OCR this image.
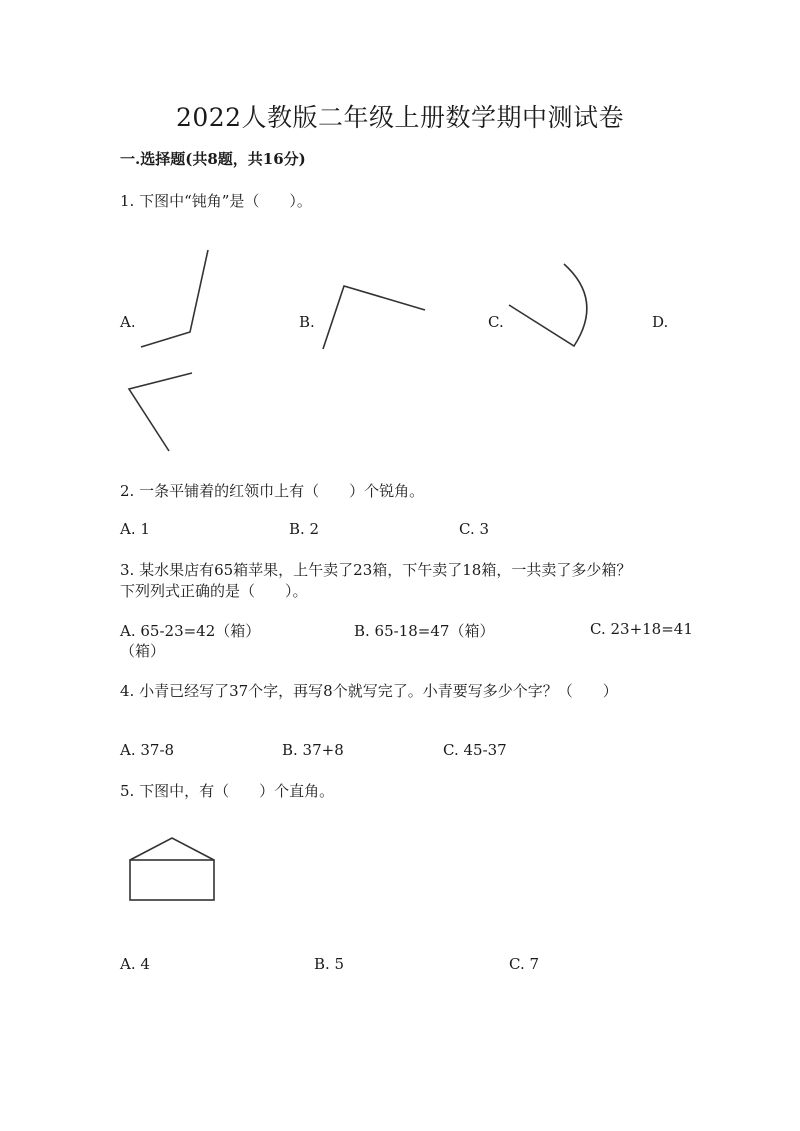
2022人教版二年级上册数学期中测试卷
一.选择题(共8题，共16分)
1. 下图中“钝角”是（　　）。
A.	B.	C.	D.
2. 一条平铺着的红领巾上有（　　）个锐角。
A. 1	B. 2	C. 3
3. 某水果店有65箱苹果，上午卖了23箱，下午卖了18箱，一共卖了多少箱？
下列列式正确的是（　　）。
A. 65-23=42（箱）	B. 65-18=47（箱）	C. 23+18=41
（箱）
4. 小青已经写了37个字，再写8个就写完了。小青要写多少个字？（　　）
A. 37-8	B. 37+8	C. 45-37
5. 下图中，有（　　）个直角。
A. 4	B. 5	C. 7
